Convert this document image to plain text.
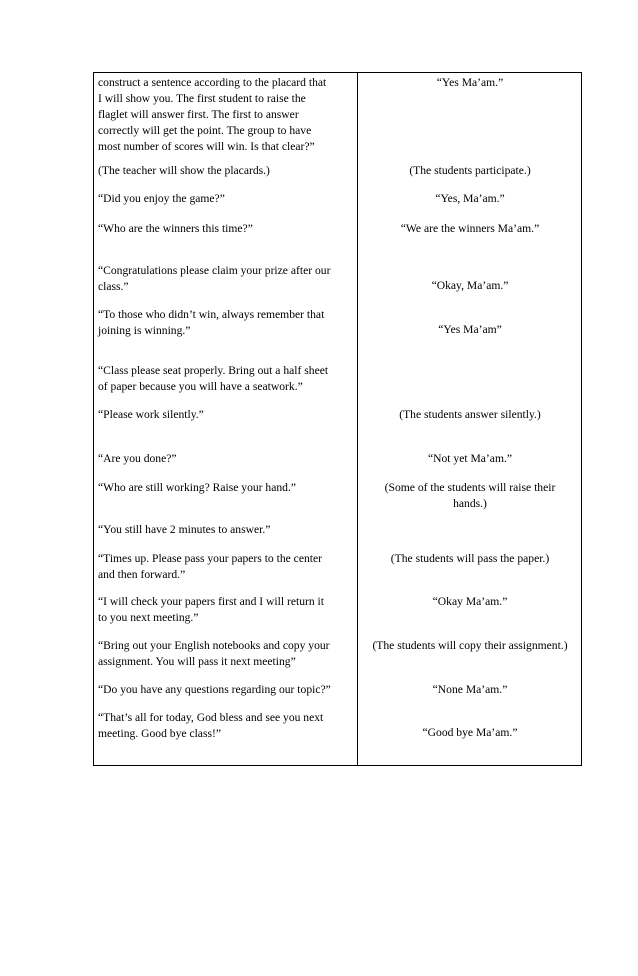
construct a sentence according to the placard that
I will show you. The first student to raise the
flaglet will answer first. The first to answer
correctly will get the point. The group to have
most number of scores will win. Is that clear?”
(The teacher will show the placards.)
“Did you enjoy the game?”
“Who are the winners this time?”
“Congratulations please claim your prize after our
class.”
“To those who didn’t win, always remember that
joining is winning.”
“Class please seat properly. Bring out a half sheet
of paper because you will have a seatwork.”
“Please work silently.”
“Are you done?”
“Who are still working? Raise your hand.”
“You still have 2 minutes to answer.”
“Times up. Please pass your papers to the center
and then forward.”
“I will check your papers first and I will return it
to you next meeting.”
“Bring out your English notebooks and copy your
assignment. You will pass it next meeting”
“Do you have any questions regarding our topic?”
“That’s all for today, God bless and see you next
meeting. Good bye class!”
“Yes Ma’am.”
(The students participate.)
“Yes, Ma’am.”
“We are the winners Ma’am.”
“Okay, Ma’am.”
“Yes Ma’am”
(The students answer silently.)
“Not yet Ma’am.”
(Some of the students will raise their
hands.)
(The students will pass the paper.)
“Okay Ma’am.”
(The students will copy their assignment.)
“None Ma’am.”
“Good bye Ma’am.”
